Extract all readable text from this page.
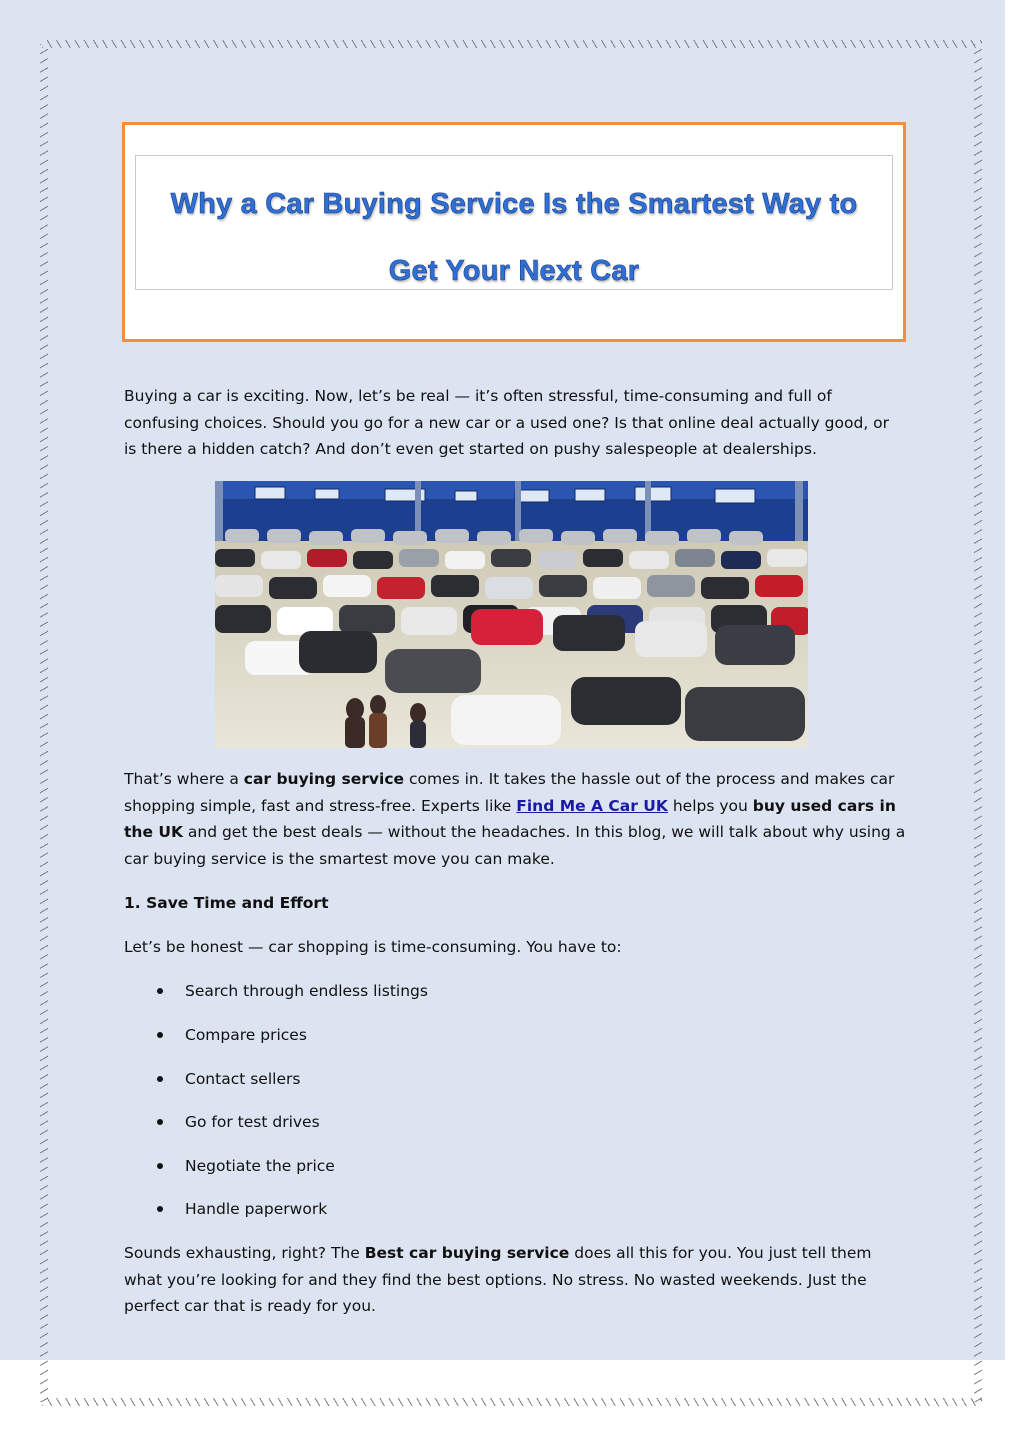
Why a Car Buying Service Is the Smartest Way to
Get Your Next Car

Buying a car is exciting. Now, let’s be real — it’s often stressful, time-consuming and full of confusing choices. Should you go for a new car or a used one? Is that online deal actually good, or is there a hidden catch? And don’t even get started on pushy salespeople at dealerships.

That’s where a car buying service comes in. It takes the hassle out of the process and makes car shopping simple, fast and stress-free. Experts like Find Me A Car UK helps you buy used cars in the UK and get the best deals — without the headaches. In this blog, we will talk about why using a car buying service is the smartest move you can make.

1. Save Time and Effort
Let’s be honest — car shopping is time-consuming. You have to:
Search through endless listings
Compare prices
Contact sellers
Go for test drives
Negotiate the price
Handle paperwork

Sounds exhausting, right? The Best car buying service does all this for you. You just tell them what you’re looking for and they find the best options. No stress. No wasted weekends. Just the perfect car that is ready for you.
